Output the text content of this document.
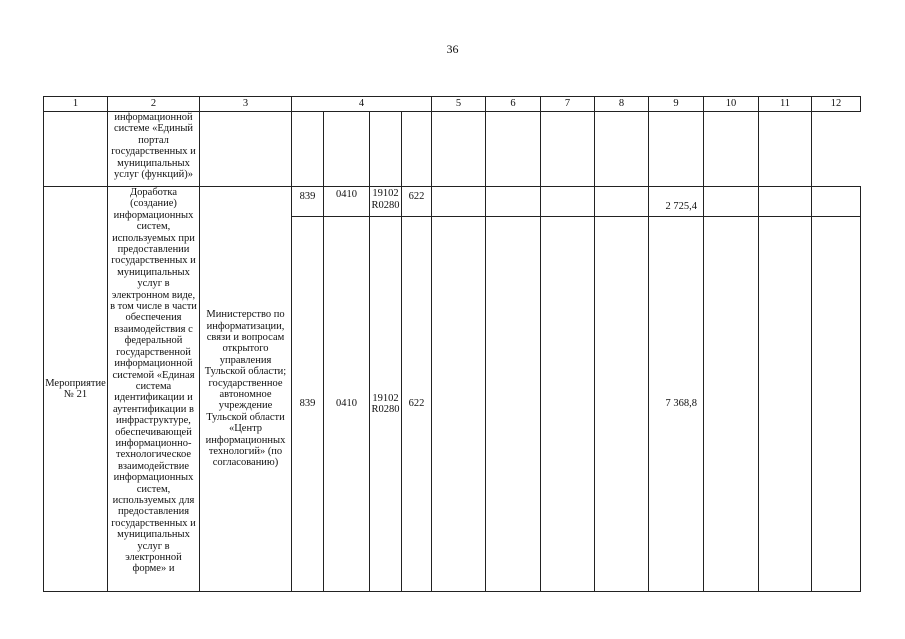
36
1	2	3	4				5	6	7	8	9	10	11	12

	информационной системе «Единый портал государственных и муниципальных услуг (функций)»													

Мероприятие № 21	Доработка (создание) информационных систем, используемых при предоставлении государственных и муниципальных услуг в электронном виде, в том числе в части обеспечения взаимодействия с федеральной государственной информационной системой «Единая система идентификации и аутентификации в инфраструктуре, обеспечивающей информационно-технологическое взаимодействие информационных систем, используемых для предоставления государственных и муниципальных услуг в электронной форме» и	Министерство по информатизации, связи и вопросам открытого управления Тульской области; государственное автономное учреждение Тульской области «Центр информационных технологий» (по согласованию)	839	0410	19102 R0280	622					2 725,4			

			839	0410	19102 R0280	622					7 368,8			
